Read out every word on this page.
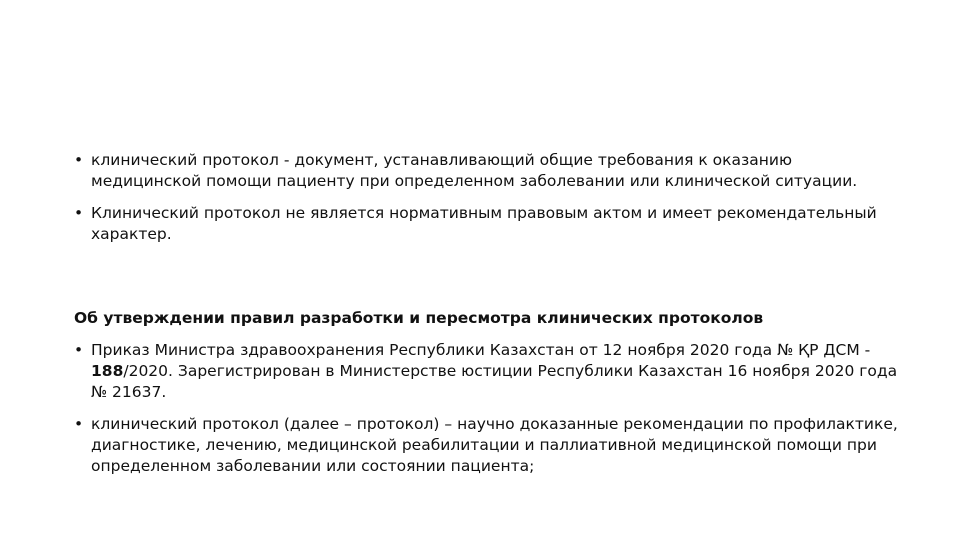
• клинический протокол - документ, устанавливающий общие требования к оказанию медицинской помощи пациенту при определенном заболевании или клинической ситуации.
• Клинический протокол не является нормативным правовым актом и имеет рекомендательный характер.

Об утверждении правил разработки и пересмотра клинических протоколов

• Приказ Министра здравоохранения Республики Казахстан от 12 ноября 2020 года № ҚР ДСМ - 188/2020. Зарегистрирован в Министерстве юстиции Республики Казахстан 16 ноября 2020 года № 21637.
• клинический протокол (далее – протокол) – научно доказанные рекомендации по профилактике, диагностике, лечению, медицинской реабилитации и паллиативной медицинской помощи при определенном заболевании или состоянии пациента;
